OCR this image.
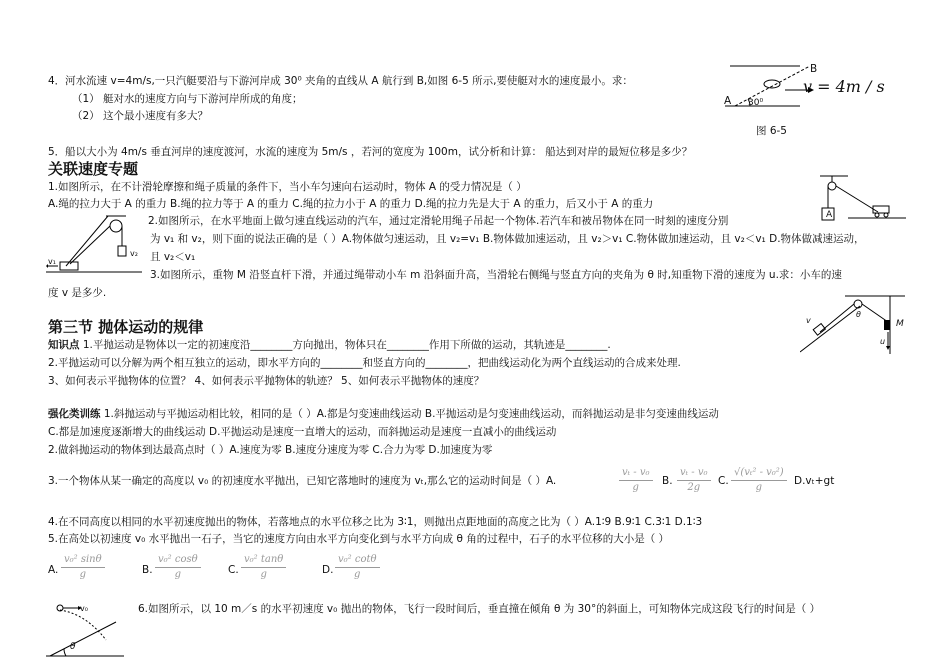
4．河水流速 v=4m/s,一只汽艇要沿与下游河岸成 30⁰ 夹角的直线从 A 航行到 B,如图 6-5 所示,要使艇对水的速度最小。求：
（1） 艇对水的速度方向与下游河岸所成的角度；
（2） 这个最小速度有多大？
B
A 30⁰
v = 4m / s
图 6-5
5．船以大小为 4m/s 垂直河岸的速度渡河，水流的速度为 5m/s ，若河的宽度为 100m，试分析和计算： 船达到对岸的最短位移是多少？
关联速度专题
1.如图所示，在不计滑轮摩擦和绳子质量的条件下，当小车匀速向右运动时，物体 A 的受力情况是（ ）
A.绳的拉力大于 A 的重力 B.绳的拉力等于 A 的重力 C.绳的拉力小于 A 的重力 D.绳的拉力先是大于 A 的重力，后又小于 A 的重力
A
v₁
v₂
2.如图所示，在水平地面上做匀速直线运动的汽车，通过定滑轮用绳子吊起一个物体.若汽车和被吊物体在同一时刻的速度分别
为 v₁ 和 v₂，则下面的说法正确的是（ ）A.物体做匀速运动，且 v₂=v₁ B.物体做加速运动，且 v₂＞v₁ C.物体做加速运动，且 v₂＜v₁ D.物体做减速运动，
且 v₂＜v₁
3.如图所示，重物 M 沿竖直杆下滑，并通过绳带动小车 m 沿斜面升高，当滑轮右侧绳与竖直方向的夹角为 θ 时,知重物下滑的速度为 u.求：小车的速
度 v 是多少.
v
θ
u
M
第三节 抛体运动的规律
知识点 1.平抛运动是物体以一定的初速度沿________方向抛出，物体只在________作用下所做的运动，其轨迹是________.
2.平抛运动可以分解为两个相互独立的运动，即水平方向的________和竖直方向的________，把曲线运动化为两个直线运动的合成来处理.
3、如何表示平抛物体的位置？ 4、如何表示平抛物体的轨迹？ 5、如何表示平抛物体的速度？
强化类训练 1.斜抛运动与平抛运动相比较，相同的是（ ）A.都是匀变速曲线运动 B.平抛运动是匀变速曲线运动，而斜抛运动是非匀变速曲线运动
C.都是加速度逐渐增大的曲线运动 D.平抛运动是速度一直增大的运动，而斜抛运动是速度一直减小的曲线运动
2.做斜抛运动的物体到达最高点时（ ）A.速度为零 B.速度分速度为零 C.合力为零 D.加速度为零
3.一个物体从某一确定的高度以 v₀ 的初速度水平抛出，已知它落地时的速度为 vₜ,那么它的运动时间是（ ）A.	$\frac{\text{vₜ - v₀}}{g} B$. $\frac{\text{vₜ - v₀}}{2g} C$. $\frac{\text{√(vₜ² - v₀²)}}{g} D.v_t+gt$
4.在不同高度以相同的水平初速度抛出的物体，若落地点的水平位移之比为 3∶1，则抛出点距地面的高度之比为（ ）A.1∶9 B.9∶1 C.3∶1 D.1∶3
5.在高处以初速度 v₀ 水平抛出一石子，当它的速度方向由水平方向变化到与水平方向成 θ 角的过程中，石子的水平位移的大小是（ ）
A. $\frac{\text{v₀² sinθ}}{g}$	B. $\frac{\text{v₀² cosθ}}{g}$	C. $\frac{\text{v₀² tanθ}}{g}$	D. $\frac{\text{v₀² cotθ}}{g}$
6.如图所示，以 10 m／s 的水平初速度 v₀ 抛出的物体，飞行一段时间后，垂直撞在倾角 θ 为 30°的斜面上，可知物体完成这段飞行的时间是（ ）
v₀
θ
